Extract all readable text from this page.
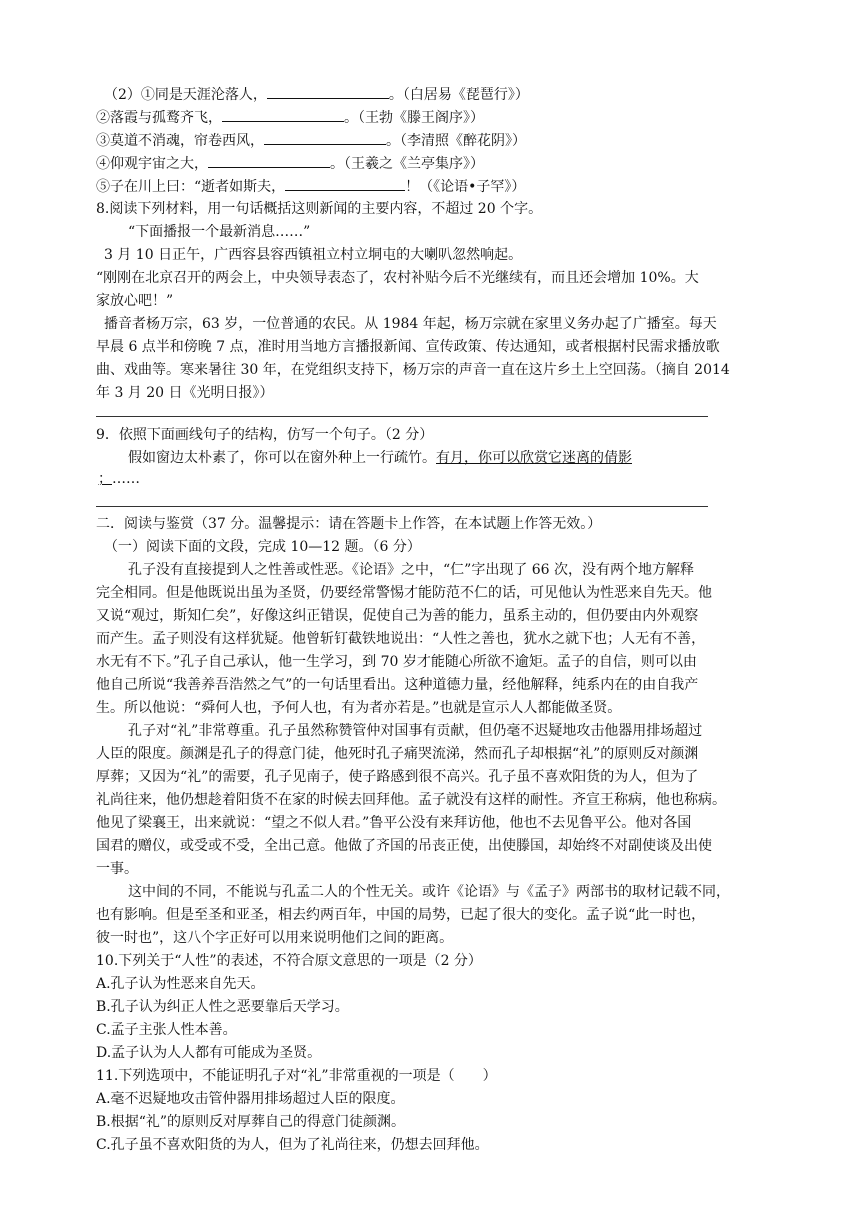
（2）①同是天涯沦落人，	。（白居易《琵琶行》）
②落霞与孤鹜齐飞，	。（王勃《滕王阁序》）
③莫道不消魂，帘卷西风，	。（李清照《醉花阴》）
④仰观宇宙之大，	。（王羲之《兰亭集序》）
⑤子在川上曰：“逝者如斯夫，	！（《论语•子罕》）
8.阅读下列材料，用一句话概括这则新闻的主要内容，不超过 20 个字。
“下面播报一个最新消息……”
3 月 10 日正午，广西容县容西镇祖立村立垌屯的大喇叭忽然响起。
“刚刚在北京召开的两会上，中央领导表态了，农村补贴今后不光继续有，而且还会增加 10%。大
家放心吧！”
播音者杨万宗，63 岁，一位普通的农民。从 1984 年起，杨万宗就在家里义务办起了广播室。每天
早晨 6 点半和傍晚 7 点，准时用当地方言播报新闻、宣传政策、传达通知，或者根据村民需求播放歌
曲、戏曲等。寒来暑往 30 年，在党组织支持下，杨万宗的声音一直在这片乡土上空回荡。（摘自 2014
年 3 月 20 日《光明日报》）
9．依照下面画线句子的结构，仿写一个句子。（2 分）
假如窗边太朴素了，你可以在窗外种上一行疏竹。有月，你可以欣赏它迷离的倩影
；……
二．阅读与鉴赏（37 分。温馨提示：请在答题卡上作答，在本试题上作答无效。）
（一）阅读下面的文段，完成 10—12 题。（6 分）
孔子没有直接提到人之性善或性恶。《论语》之中，“仁”字出现了 66 次，没有两个地方解释
完全相同。但是他既说出虽为圣贤，仍要经常警惕才能防范不仁的话，可见他认为性恶来自先天。他
又说“观过，斯知仁矣”，好像这纠正错误，促使自己为善的能力，虽系主动的，但仍要由内外观察
而产生。孟子则没有这样犹疑。他曾斩钉截铁地说出：“人性之善也，犹水之就下也；人无有不善，
水无有不下。”孔子自己承认，他一生学习，到 70 岁才能随心所欲不逾矩。孟子的自信，则可以由
他自己所说“我善养吾浩然之气”的一句话里看出。这种道德力量，经他解释，纯系内在的由自我产
生。所以他说：“舜何人也，予何人也，有为者亦若是。”也就是宣示人人都能做圣贤。
孔子对“礼”非常尊重。孔子虽然称赞管仲对国事有贡献，但仍毫不迟疑地攻击他器用排场超过
人臣的限度。颜渊是孔子的得意门徒，他死时孔子痛哭流涕，然而孔子却根据“礼”的原则反对颜渊
厚葬；又因为“礼”的需要，孔子见南子，使子路感到很不高兴。孔子虽不喜欢阳货的为人，但为了
礼尚往来，他仍想趁着阳货不在家的时候去回拜他。孟子就没有这样的耐性。齐宣王称病，他也称病。
他见了梁襄王，出来就说：“望之不似人君。”鲁平公没有来拜访他，他也不去见鲁平公。他对各国
国君的赠仪，或受或不受，全出己意。他做了齐国的吊丧正使，出使滕国，却始终不对副使谈及出使
一事。
这中间的不同，不能说与孔孟二人的个性无关。或许《论语》与《孟子》两部书的取材记载不同，
也有影响。但是至圣和亚圣，相去约两百年，中国的局势，已起了很大的变化。孟子说“此一时也，
彼一时也”，这八个字正好可以用来说明他们之间的距离。
10.下列关于“人性”的表述，不符合原文意思的一项是（2 分）
A.孔子认为性恶来自先天。
B.孔子认为纠正人性之恶要靠后天学习。
C.孟子主张人性本善。
D.孟子认为人人都有可能成为圣贤。
11.下列选项中，不能证明孔子对“礼”非常重视的一项是（　　）
A.毫不迟疑地攻击管仲器用排场超过人臣的限度。
B.根据“礼”的原则反对厚葬自己的得意门徒颜渊。
C.孔子虽不喜欢阳货的为人，但为了礼尚往来，仍想去回拜他。
